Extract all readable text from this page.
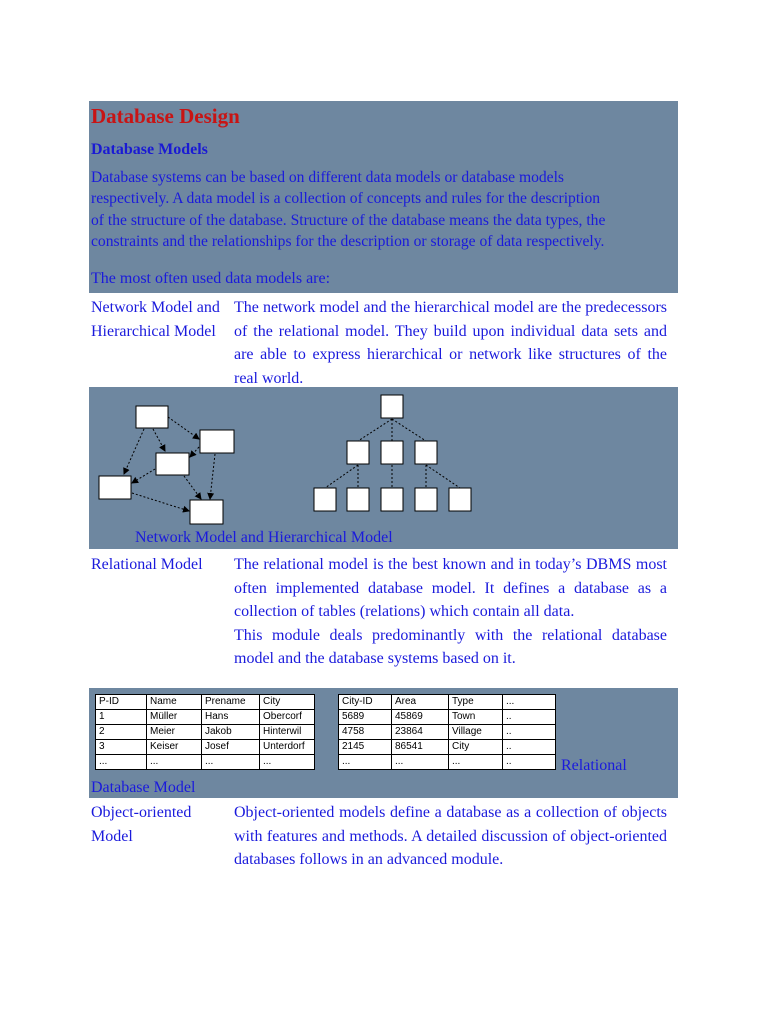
Database Design
Database Models
Database systems can be based on different data models or database models
respectively. A data model is a collection of concepts and rules for the description
of the structure of the database. Structure of the database means the data types, the
constraints and the relationships for the description or storage of data respectively.
The most often used data models are:
Network Model and
Hierarchical Model

The network model and the hierarchical model are the predecessors of the relational model. They build upon individual data sets and are able to express hierarchical or network like structures of the real world.

Network Model and Hierarchical Model
Relational Model The relational model is the best known and in today’s DBMS most often implemented database model. It defines a database as a collection of tables (relations) which contain all data.

This module deals predominantly with the relational database model and the database systems based on it.

P-ID	Name	Prename	City
1	Müller	Hans	Obercorf
2	Meier	Jakob	Hinterwil
3	Keiser	Josef	Unterdorf
...	...	...	...
City-ID	Area	Type	...
5689	45869	Town	..
4758	23864	Village	..
2145	86541	City	..
...	...	...	..	Relational
Database Model
Object-oriented
Model

Object-oriented models define a database as a collection of objects with features and methods. A detailed discussion of object-oriented databases follows in an advanced module.
